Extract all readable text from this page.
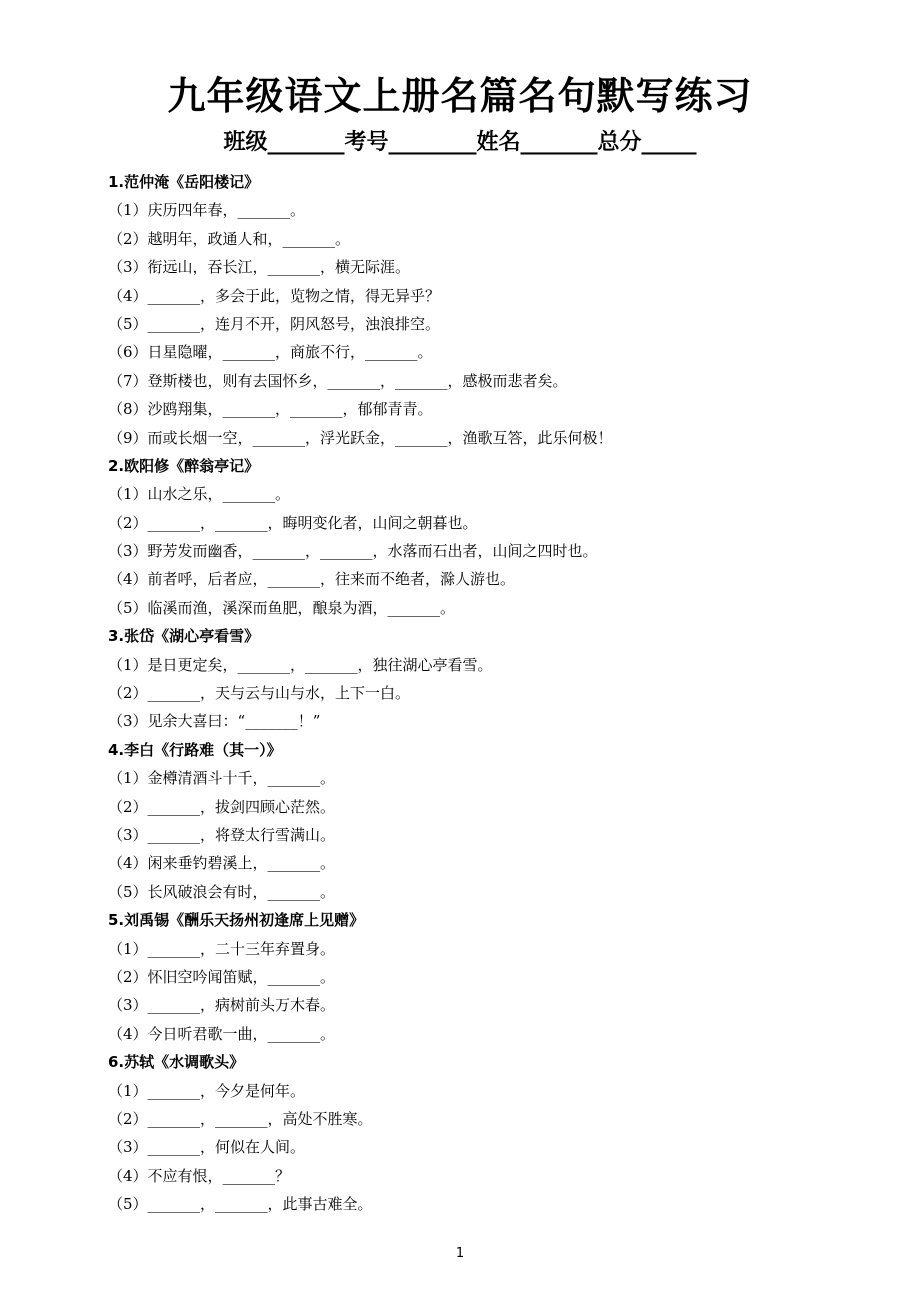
九年级语文上册名篇名句默写练习
班级_______考号________姓名_______总分_____
1.范仲淹《岳阳楼记》
（1）庆历四年春，_______。
（2）越明年，政通人和，_______。
（3）衔远山，吞长江，_______，横无际涯。
（4）_______，多会于此，览物之情，得无异乎？
（5）_______，连月不开，阴风怒号，浊浪排空。
（6）日星隐曜，_______，商旅不行，_______。
（7）登斯楼也，则有去国怀乡，_______，_______，感极而悲者矣。
（8）沙鸥翔集，_______，_______，郁郁青青。
（9）而或长烟一空，_______，浮光跃金，_______，渔歌互答，此乐何极！
2.欧阳修《醉翁亭记》
（1）山水之乐，_______。
（2）_______，_______，晦明变化者，山间之朝暮也。
（3）野芳发而幽香，_______，_______，水落而石出者，山间之四时也。
（4）前者呼，后者应，_______，往来而不绝者，滁人游也。
（5）临溪而渔，溪深而鱼肥，酿泉为酒，_______。
3.张岱《湖心亭看雪》
（1）是日更定矣，_______，_______，独往湖心亭看雪。
（2）_______，天与云与山与水，上下一白。
（3）见余大喜曰：“_______！”
4.李白《行路难（其一）》
（1）金樽清酒斗十千，_______。
（2）_______，拔剑四顾心茫然。
（3）_______，将登太行雪满山。
（4）闲来垂钓碧溪上，_______。
（5）长风破浪会有时，_______。
5.刘禹锡《酬乐天扬州初逢席上见赠》
（1）_______，二十三年弃置身。
（2）怀旧空吟闻笛赋，_______。
（3）_______，病树前头万木春。
（4）今日听君歌一曲，_______。
6.苏轼《水调歌头》
（1）_______，今夕是何年。
（2）_______，_______，高处不胜寒。
（3）_______，何似在人间。
（4）不应有恨，_______？
（5）_______，_______，此事古难全。
1
